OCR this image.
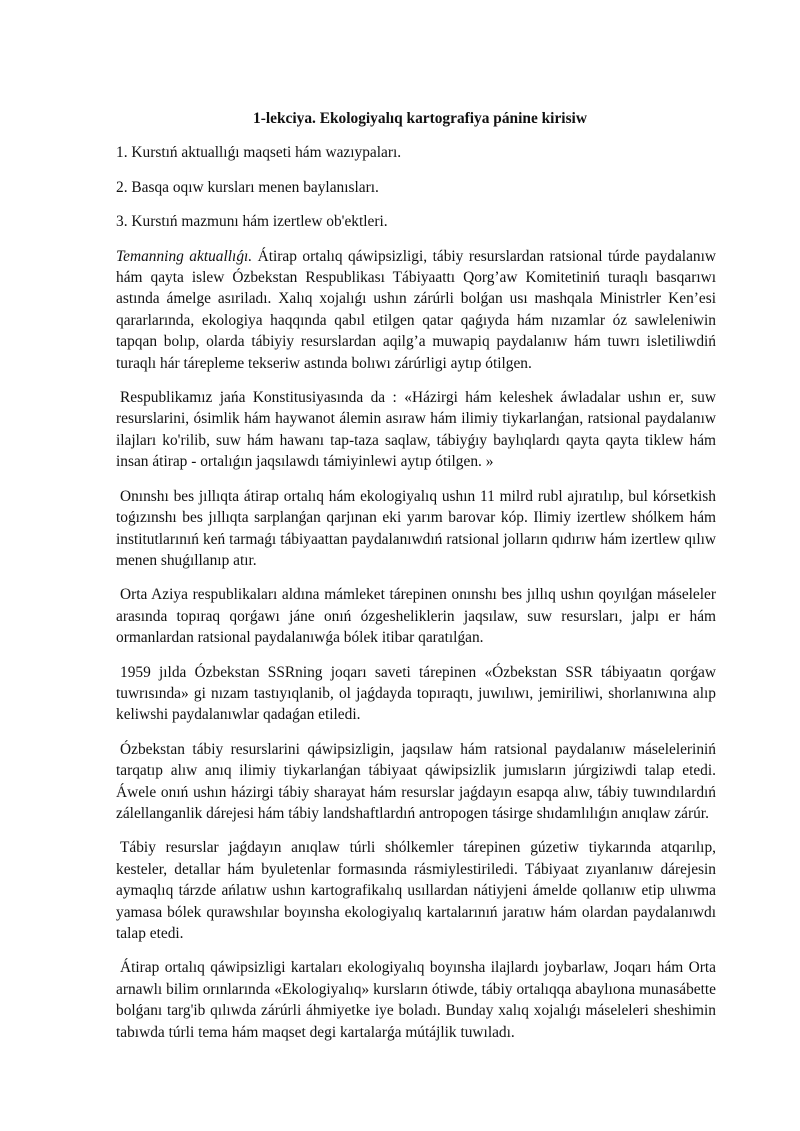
1-lekciya. Ekologiyalıq kartografiya pánine kirisiw
1. Kurstıń aktuallıǵı maqseti hám wazıypaları.
2. Basqa oqıw kursları menen baylanısları.
3. Kurstıń mazmunı hám izertlew ob'ektleri.

Temanning aktuallıǵı. Átirap ortalıq qáwipsizligi, tábiy resurslardan ratsional túrde paydalanıw hám qayta islew Ózbekstan Respublikası Tábiyaattı Qorg’aw Komitetiniń turaqlı basqarıwı astında ámelge asıriladı. Xalıq xojalıǵı ushın zárúrli bolǵan usı mashqala Ministrler Ken’esi qararlarında, ekologiya haqqında qabıl etilgen qatar qaǵıyda hám nızamlar óz sawleleniwin tapqan bolıp, olarda tábiyiy resurslardan aqilg’a muwapiq paydalanıw hám tuwrı isletiliwdiń turaqlı hár tárepleme tekseriw astında bolıwı zárúrligi aytıp ótilgen.

Respublikamız jańa Konstitusiyasında da : «Házirgi hám keleshek áwladalar ushın er, suw resurslarini, ósimlik hám haywanot álemin asıraw hám ilimiy tiykarlanǵan, ratsional paydalanıw ilajları ko'rilib, suw hám hawanı tap-taza saqlaw, tábiyǵıy baylıqlardı qayta qayta tiklew hám insan átirap - ortalıǵın jaqsılawdı támiyinlewi aytıp ótilgen. »

Onınshı bes jıllıqta átirap ortalıq hám ekologiyalıq ushın 11 milrd rubl ajıratılıp, bul kórsetkish toǵızınshı bes jıllıqta sarplanǵan qarjınan eki yarım barovar kóp. Ilimiy izertlew shólkem hám institutlarınıń keń tarmaǵı tábiyaattan paydalanıwdıń ratsional jolların qıdırıw hám izertlew qılıw menen shuǵıllanıp atır.

Orta Aziya respublikaları aldına mámleket tárepinen onınshı bes jıllıq ushın qoyılǵan máseleler arasında topıraq qorǵawı jáne onıń ózgesheliklerin jaqsılaw, suw resursları, jalpı er hám ormanlardan ratsional paydalanıwǵa bólek itibar qaratılǵan.

1959 jılda Ózbekstan SSRning joqarı saveti tárepinen «Ózbekstan SSR tábiyaatın qorǵaw tuwrısında» gi nızam tastıyıqlanib, ol jaǵdayda topıraqtı, juwılıwı, jemiriliwi, shorlanıwına alıp keliwshi paydalanıwlar qadaǵan etiledi.

Ózbekstan tábiy resurslarini qáwipsizligin, jaqsılaw hám ratsional paydalanıw máseleleriniń tarqatıp alıw anıq ilimiy tiykarlanǵan tábiyaat qáwipsizlik jumısların júrgiziwdi talap etedi. Áwele onıń ushın házirgi tábiy sharayat hám resurslar jaǵdayın esapqa alıw, tábiy tuwındılardıń zálellanganlik dárejesi hám tábiy landshaftlardıń antropogen tásirge shıdamlılıǵın anıqlaw zárúr.

Tábiy resurslar jaǵdayın anıqlaw túrli shólkemler tárepinen gúzetiw tiykarında atqarılıp, kesteler, detallar hám byuletenlar formasında rásmiylestiriledi. Tábiyaat zıyanlanıw dárejesin aymaqlıq tárzde ańlatıw ushın kartografikalıq usıllardan nátiyjeni ámelde qollanıw etip ulıwma yamasa bólek qurawshılar boyınsha ekologiyalıq kartalarınıń jaratıw hám olardan paydalanıwdı talap etedi.

Átirap ortalıq qáwipsizligi kartaları ekologiyalıq boyınsha ilajlardı joybarlaw, Joqarı hám Orta arnawlı bilim orınlarında «Ekologiyalıq» kursların ótiwde, tábiy ortalıqqa abaylıona munasábette bolǵanı targ'ib qılıwda zárúrli áhmiyetke iye boladı. Bunday xalıq xojalıǵı máseleleri sheshimin tabıwda túrli tema hám maqset degi kartalarǵa mútájlik tuwıladı.
